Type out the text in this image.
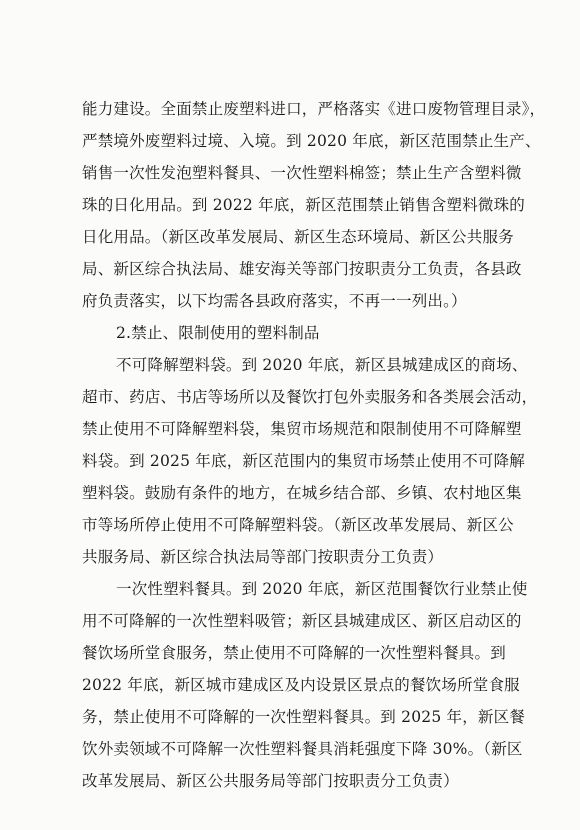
能力建设。全面禁止废塑料进口，严格落实《进口废物管理目录》，
严禁境外废塑料过境、入境。到 2020 年底，新区范围禁止生产、
销售一次性发泡塑料餐具、一次性塑料棉签；禁止生产含塑料微
珠的日化用品。到 2022 年底，新区范围禁止销售含塑料微珠的
日化用品。（新区改革发展局、新区生态环境局、新区公共服务
局、新区综合执法局、雄安海关等部门按职责分工负责，各县政
府负责落实，以下均需各县政府落实，不再一一列出。）
2.禁止、限制使用的塑料制品
不可降解塑料袋。到 2020 年底，新区县城建成区的商场、
超市、药店、书店等场所以及餐饮打包外卖服务和各类展会活动，
禁止使用不可降解塑料袋，集贸市场规范和限制使用不可降解塑
料袋。到 2025 年底，新区范围内的集贸市场禁止使用不可降解
塑料袋。鼓励有条件的地方，在城乡结合部、乡镇、农村地区集
市等场所停止使用不可降解塑料袋。（新区改革发展局、新区公
共服务局、新区综合执法局等部门按职责分工负责）
一次性塑料餐具。到 2020 年底，新区范围餐饮行业禁止使
用不可降解的一次性塑料吸管；新区县城建成区、新区启动区的
餐饮场所堂食服务，禁止使用不可降解的一次性塑料餐具。到
2022 年底，新区城市建成区及内设景区景点的餐饮场所堂食服
务，禁止使用不可降解的一次性塑料餐具。到 2025 年，新区餐
饮外卖领域不可降解一次性塑料餐具消耗强度下降 30%。（新区
改革发展局、新区公共服务局等部门按职责分工负责）
